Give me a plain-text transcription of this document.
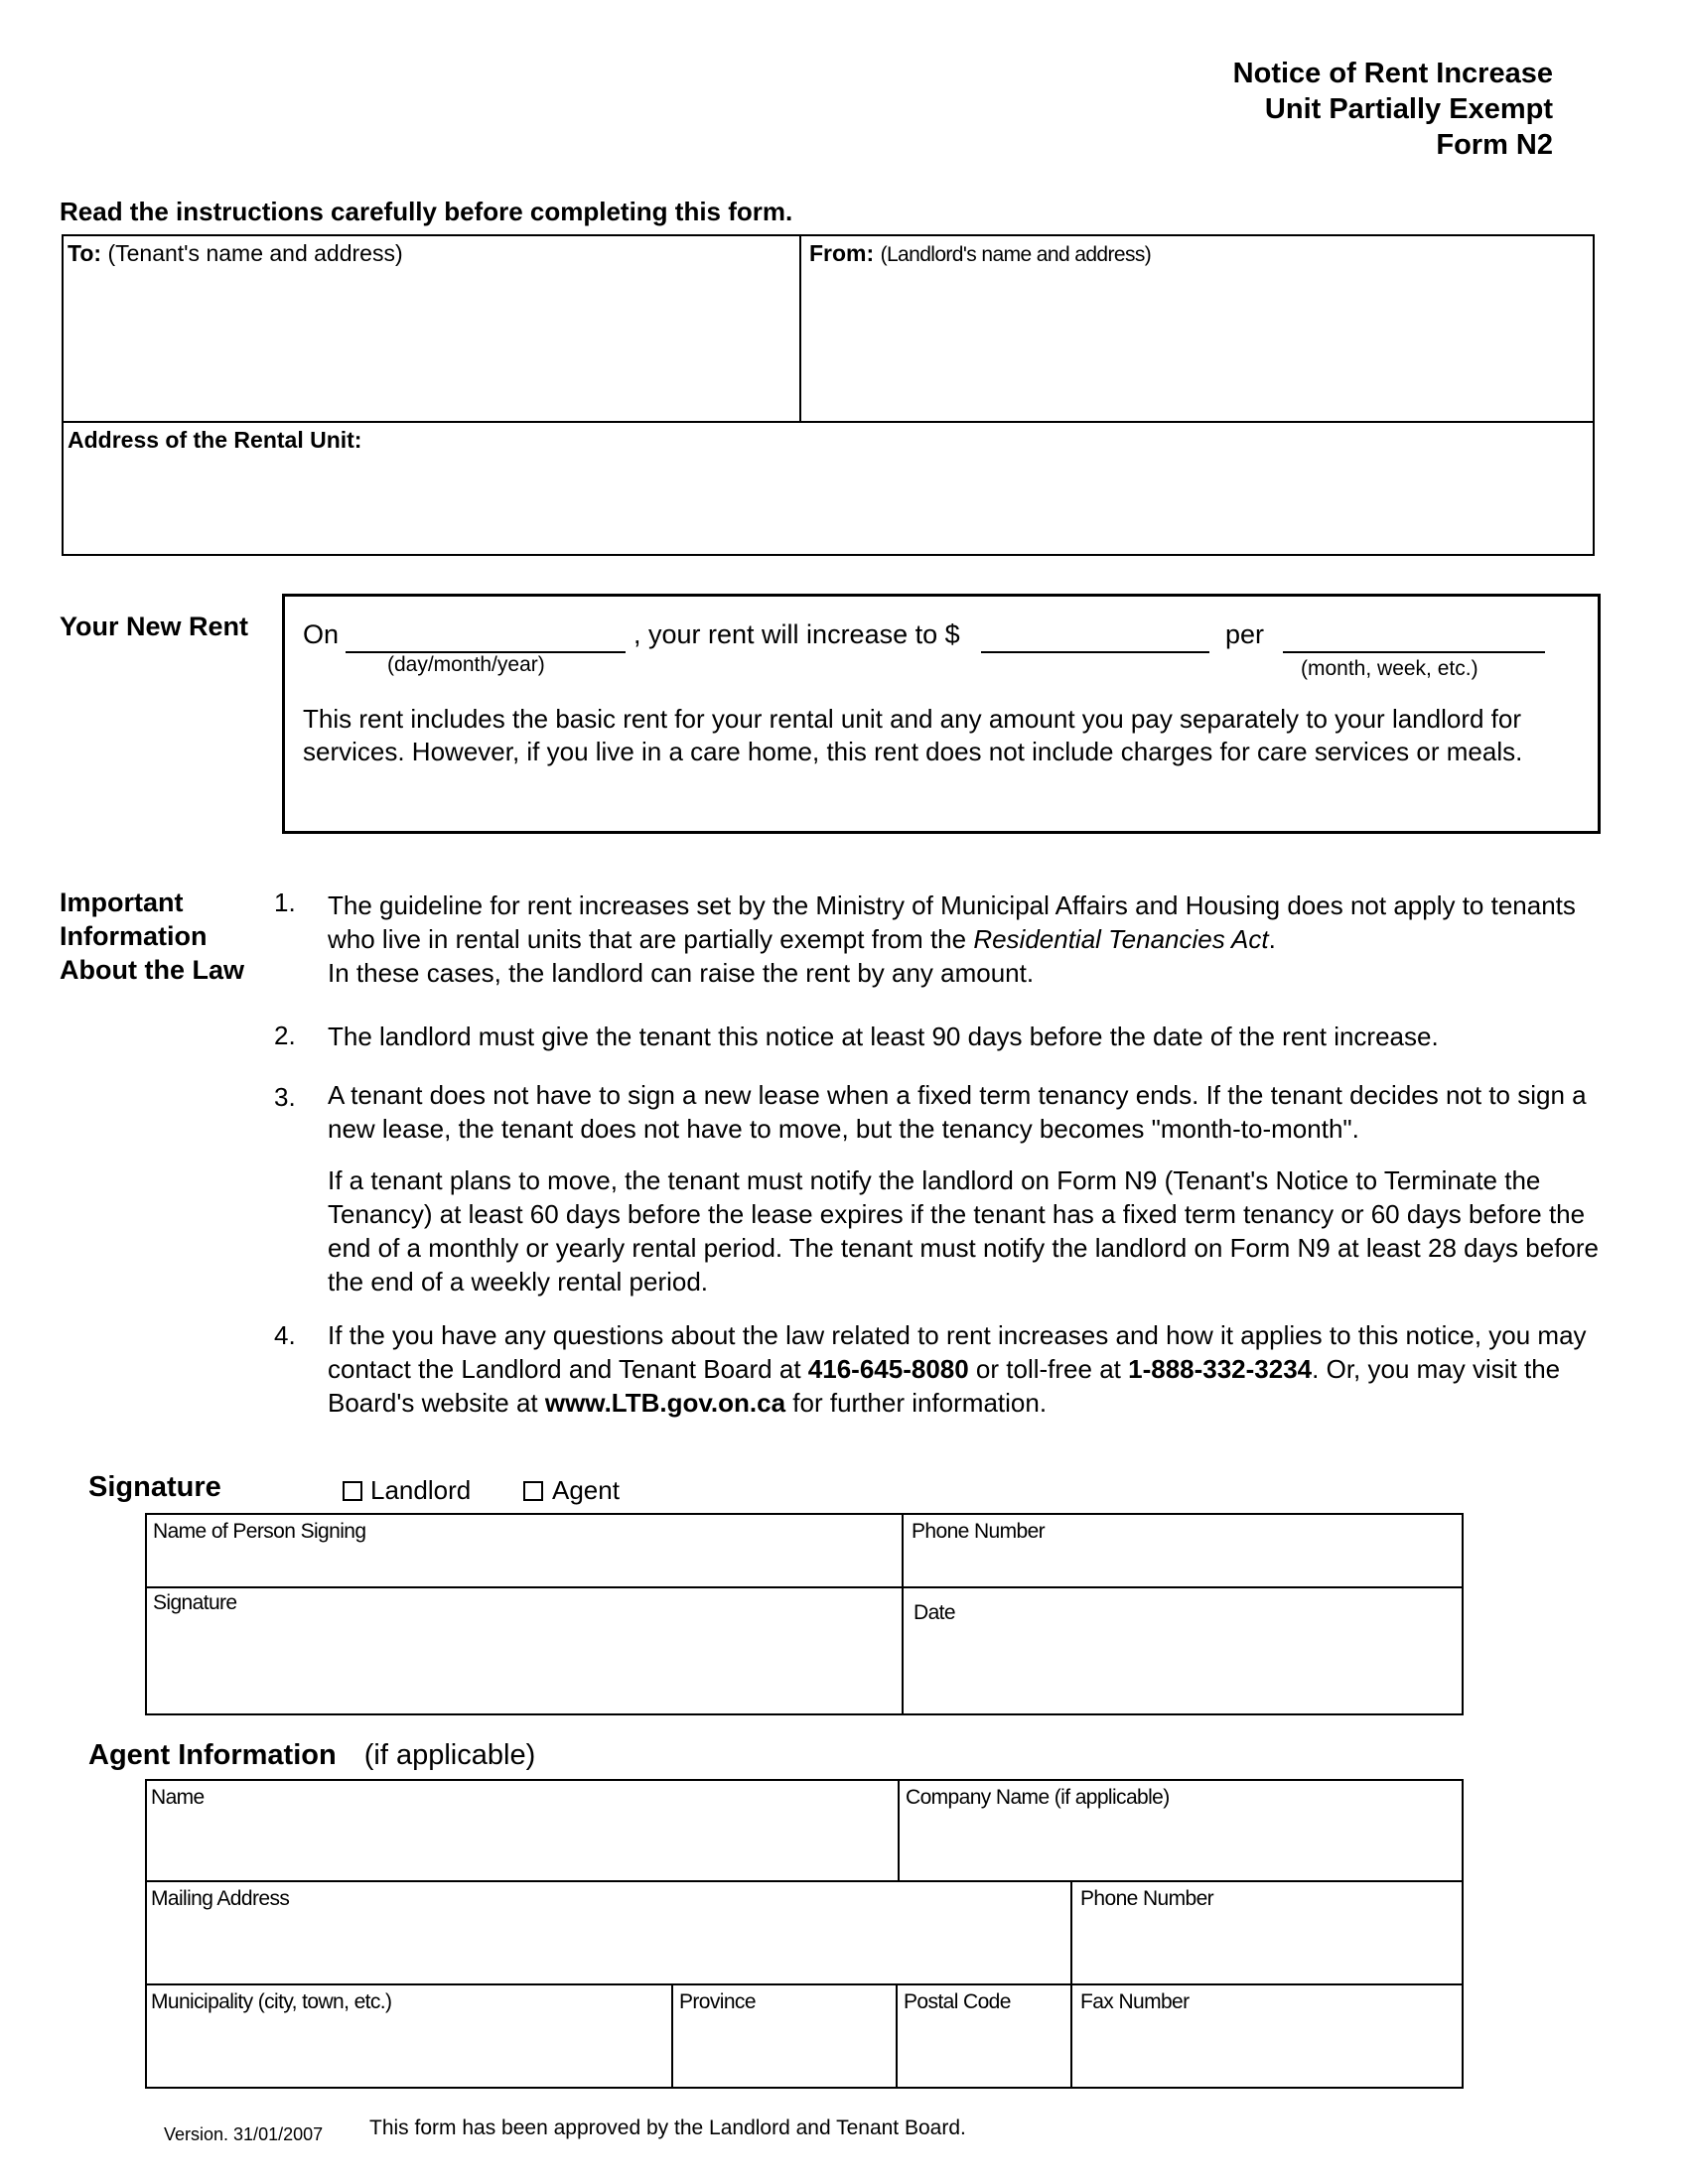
Notice of Rent Increase
Unit Partially Exempt
Form N2
Read the instructions carefully before completing this form.
To: (Tenant's name and address)	From: (Landlord's name and address)
Address of the Rental Unit:
Your New Rent On	, your rent will increase to $	per
(day/month/year)	(month, week, etc.)
This rent includes the basic rent for your rental unit and any amount you pay separately to your landlord for services. However, if you live in a care home, this rent does not include charges for care services or meals.
Important
Information
About the Law
1. The guideline for rent increases set by the Ministry of Municipal Affairs and Housing does not apply to tenants who live in rental units that are partially exempt from the Residential Tenancies Act.
In these cases, the landlord can raise the rent by any amount.
2. The landlord must give the tenant this notice at least 90 days before the date of the rent increase.
3. A tenant does not have to sign a new lease when a fixed term tenancy ends. If the tenant decides not to sign a new lease, the tenant does not have to move, but the tenancy becomes "month-to-month".
If a tenant plans to move, the tenant must notify the landlord on Form N9 (Tenant's Notice to Terminate the Tenancy) at least 60 days before the lease expires if the tenant has a fixed term tenancy or 60 days before the end of a monthly or yearly rental period. The tenant must notify the landlord on Form N9 at least 28 days before the end of a weekly rental period.
4. If the you have any questions about the law related to rent increases and how it applies to this notice, you may contact the Landlord and Tenant Board at 416-645-8080 or toll-free at 1-888-332-3234. Or, you may visit the Board's website at www.LTB.gov.on.ca for further information.
Signature	Landlord	Agent
Name of Person Signing	Phone Number
Signature	Date
Agent Information (if applicable)
Name	Company Name (if applicable)
Mailing Address	Phone Number
Municipality (city, town, etc.)	Province	Postal Code	Fax Number
Version. 31/01/2007 This form has been approved by the Landlord and Tenant Board.
